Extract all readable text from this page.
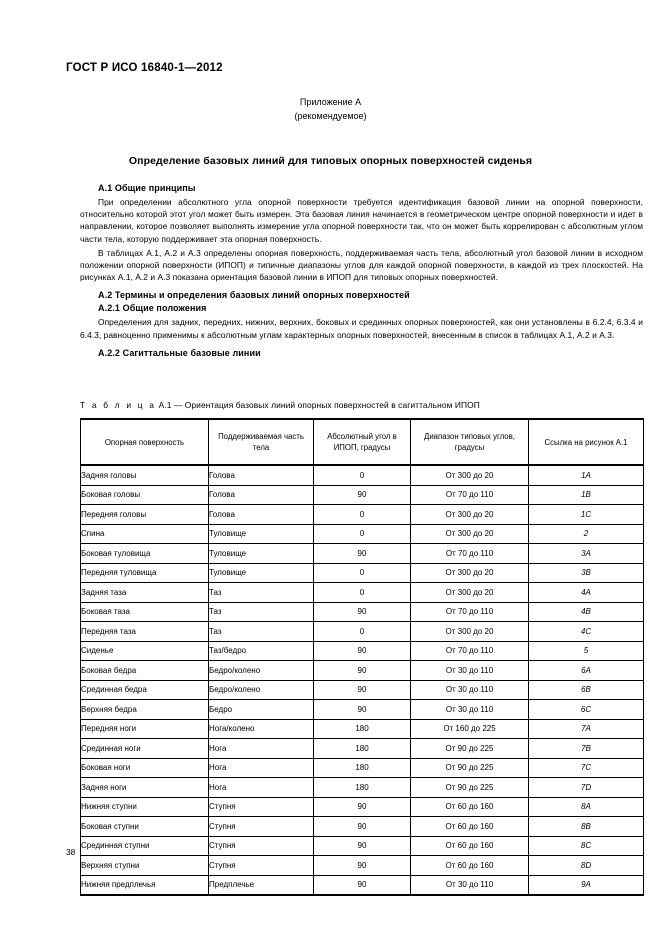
ГОСТ Р ИСО 16840-1—2012
Приложение А
(рекомендуемое)
Определение базовых линий для типовых опорных поверхностей сиденья
A.1 Общие принципы

При определении абсолютного угла опорной поверхности требуется идентификация базовой линии на опорной поверхности, относительно которой этот угол может быть измерен. Эта базовая линия начинается в геометрическом центре опорной поверхности и идет в направлении, которое позволяет выполнять измерение угла опорной поверхности так, что он может быть коррелирован с абсолютным углом части тела, которую поддерживает эта опорная поверхность.

В таблицах А.1, А.2 и А.3 определены опорная поверхность, поддерживаемая часть тела, абсолютный угол базовой линии в исходном положении опорной поверхности (ИПОП) и типичные диапазоны углов для каждой опорной поверхности, в каждой из трех плоскостей. На рисунках А.1, А.2 и А.3 показана ориентация базовой линии в ИПОП для типовых опорных поверхностей.

A.2 Термины и определения базовых линий опорных поверхностей
A.2.1 Общие положения

Определения для задних, передних, нижних, верхних, боковых и срединных опорных поверхностей, как они установлены в 6.2.4, 6.3.4 и 6.4.3, равноценно применимы к абсолютным углам характерных опорных поверхностей, внесенным в список в таблицах А.1, А.2 и А.3.

A.2.2 Сагиттальные базовые линии
Т а б л и ц а А.1 — Ориентация базовых линий опорных поверхностей в сагиттальном ИПОП
Опорная поверхность	Поддерживаемая часть тела	Абсолютный угол в ИПОП, градусы	Диапазон типовых углов, градусы	Ссылка на рисунок А.1
Задняя головы	Голова	0	От 300 до 20	1A
Боковая головы	Голова	90	От 70 до 110	1B
Передняя головы	Голова	0	От 300 до 20	1C
Спина	Туловище	0	От 300 до 20	2
Боковая туловища	Туловище	90	От 70 до 110	3A
Передняя туловища	Туловище	0	От 300 до 20	3B
Задняя таза	Таз	0	От 300 до 20	4A
Боковая таза	Таз	90	От 70 до 110	4B
Передняя таза	Таз	0	От 300 до 20	4C
Сиденье	Таз/бедро	90	От 70 до 110	5
Боковая бедра	Бедро/колено	90	От 30 до 110	6A
Срединная бедра	Бедро/колено	90	От 30 до 110	6B
Верхняя бедра	Бедро	90	От 30 до 110	6C
Передняя ноги	Нога/колено	180	От 160 до 225	7A
Срединная ноги	Нога	180	От 90 до 225	7B
Боковая ноги	Нога	180	От 90 до 225	7C
Задняя ноги	Нога	180	От 90 до 225	7D
Нижняя ступни	Ступня	90	От 60 до 160	8A
Боковая ступни	Ступня	90	От 60 до 160	8B
Срединная ступни	Ступня	90	От 60 до 160	8C
Верхняя ступни	Ступня	90	От 60 до 160	8D
Нижняя предплечья	Предплечье	90	От 30 до 110	9A
38
